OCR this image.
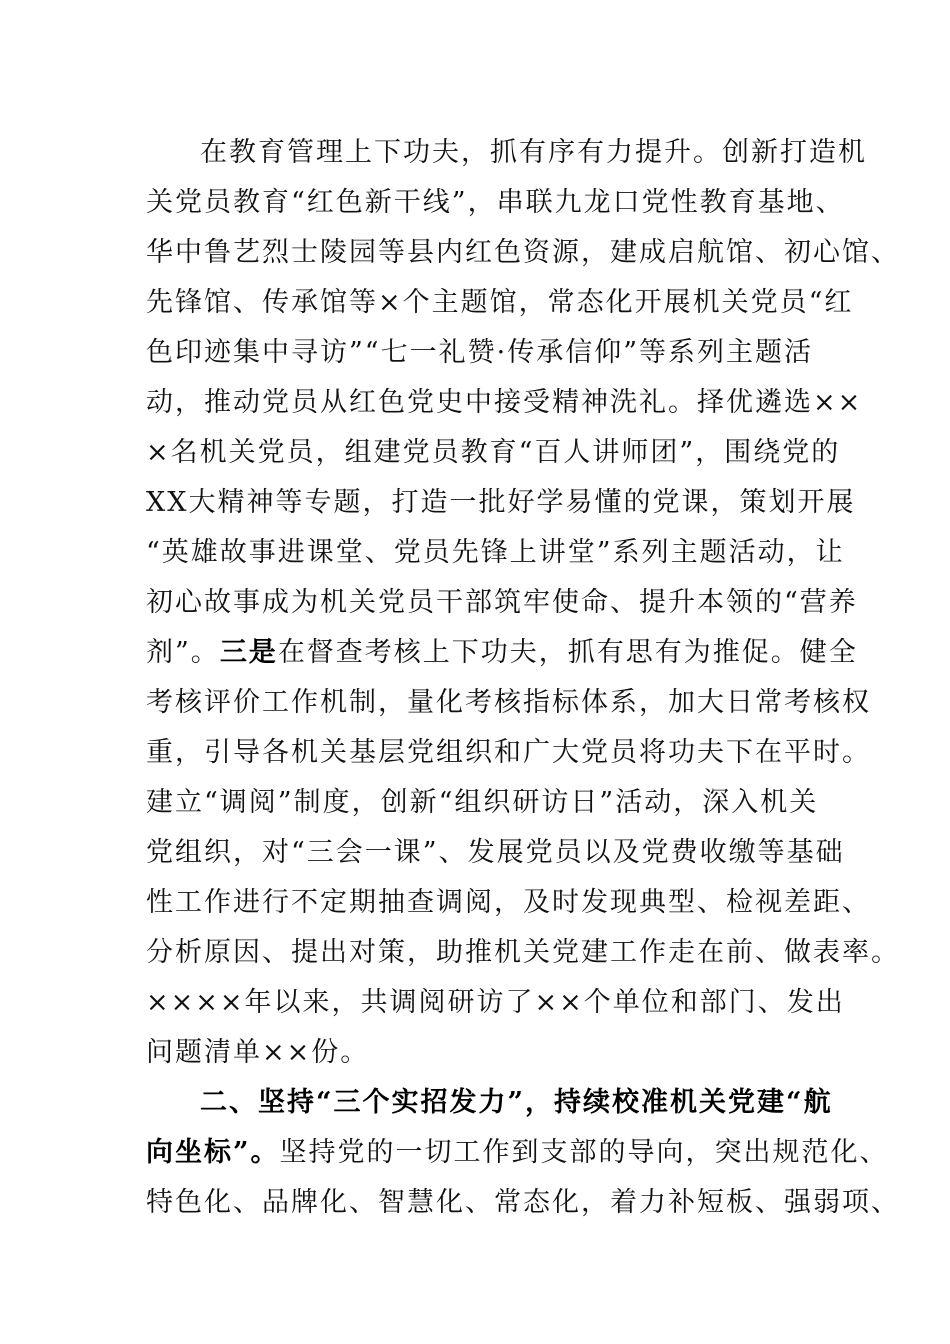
在教育管理上下功夫，抓有序有力提升。创新打造机
关党员教育“红色新干线”，串联九龙口党性教育基地、
华中鲁艺烈士陵园等县内红色资源，建成启航馆、初心馆、
先锋馆、传承馆等×个主题馆，常态化开展机关党员“红
色印迹集中寻访”“七一礼赞·传承信仰”等系列主题活
动，推动党员从红色党史中接受精神洗礼。择优遴选××
×名机关党员，组建党员教育“百人讲师团”，围绕党的
XX大精神等专题，打造一批好学易懂的党课，策划开展
“英雄故事进课堂、党员先锋上讲堂”系列主题活动，让
初心故事成为机关党员干部筑牢使命、提升本领的“营养
剂”。三是在督查考核上下功夫，抓有思有为推促。健全
考核评价工作机制，量化考核指标体系，加大日常考核权
重，引导各机关基层党组织和广大党员将功夫下在平时。
建立“调阅”制度，创新“组织研访日”活动，深入机关
党组织，对“三会一课”、发展党员以及党费收缴等基础
性工作进行不定期抽查调阅，及时发现典型、检视差距、
分析原因、提出对策，助推机关党建工作走在前、做表率。
××××年以来，共调阅研访了××个单位和部门、发出
问题清单××份。
二、坚持“三个实招发力”，持续校准机关党建“航
向坐标”。坚持党的一切工作到支部的导向，突出规范化、
特色化、品牌化、智慧化、常态化，着力补短板、强弱项、
